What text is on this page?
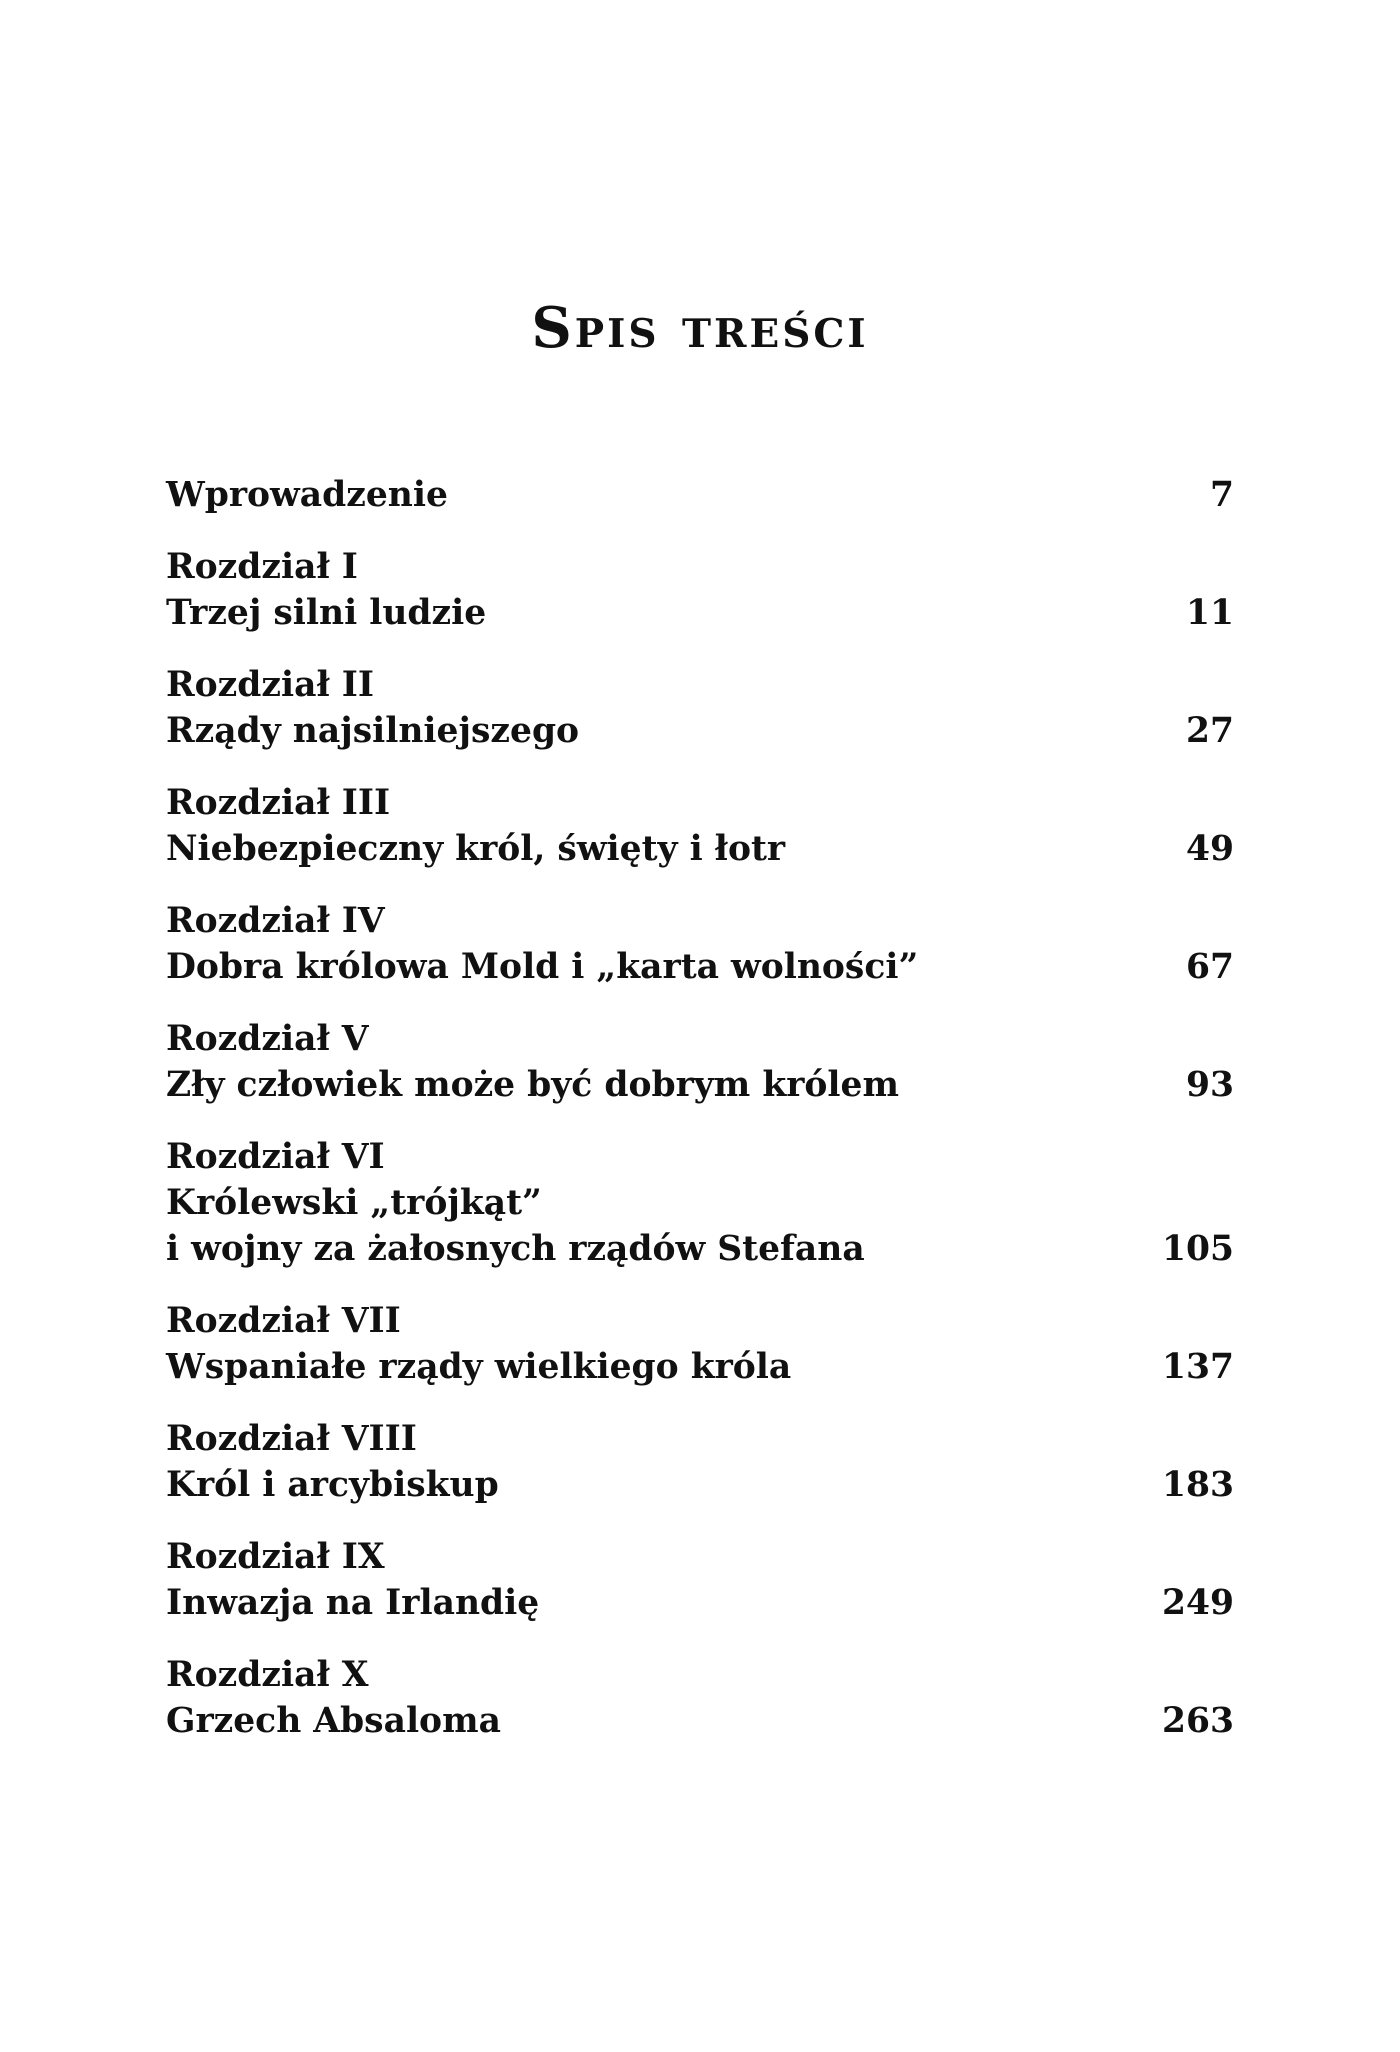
Spis treści
Wprowadzenie	7
Rozdział I
Trzej silni ludzie	11
Rozdział II
Rządy najsilniejszego	27
Rozdział III
Niebezpieczny król, święty i łotr	49
Rozdział IV
Dobra królowa Mold i „karta wolności”	67
Rozdział V
Zły człowiek może być dobrym królem	93
Rozdział VI
Królewski „trójkąt”
i wojny za żałosnych rządów Stefana	105
Rozdział VII
Wspaniałe rządy wielkiego króla	137
Rozdział VIII
Król i arcybiskup	183
Rozdział IX
Inwazja na Irlandię	249
Rozdział X
Grzech Absaloma	263
